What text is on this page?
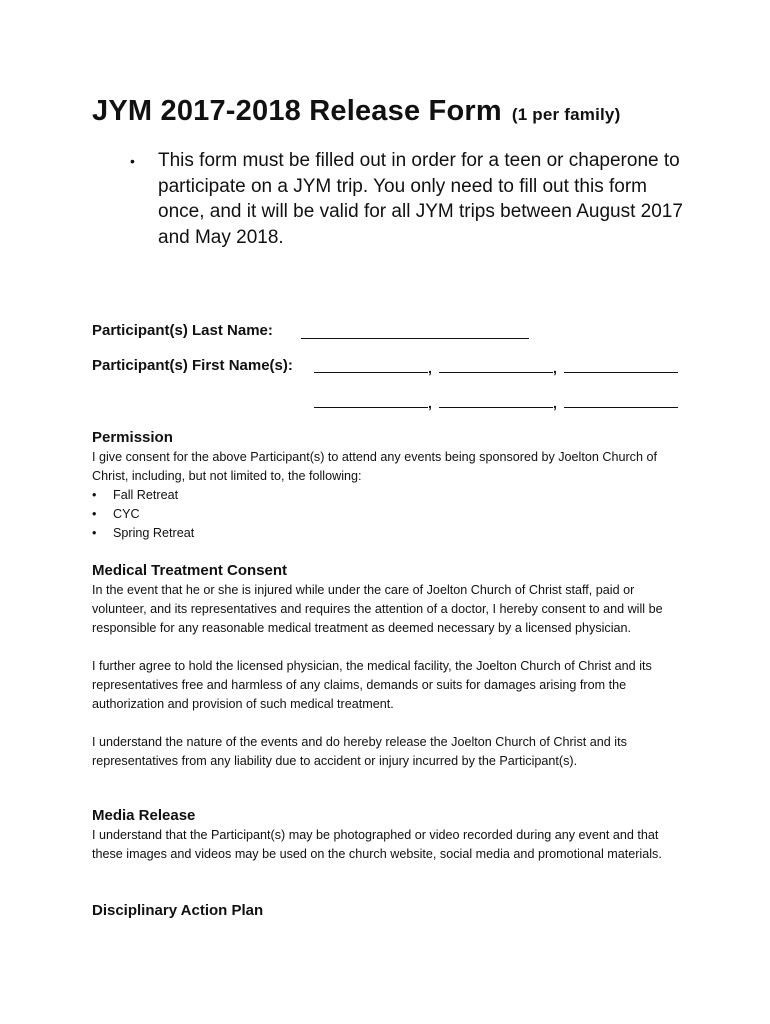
JYM 2017-2018 Release Form (1 per family)
•	This form must be filled out in order for a teen or chaperone to participate on a JYM trip. You only need to fill out this form once, and it will be valid for all JYM trips between August 2017 and May 2018.
Participant(s) Last Name:
Participant(s) First Name(s):	,	,
,	,
Permission

I give consent for the above Participant(s) to attend any events being sponsored by Joelton Church of Christ, including, but not limited to, the following:

• Fall Retreat
• CYC
• Spring Retreat
Medical Treatment Consent

In the event that he or she is injured while under the care of Joelton Church of Christ staff, paid or volunteer, and its representatives and requires the attention of a doctor, I hereby consent to and will be responsible for any reasonable medical treatment as deemed necessary by a licensed physician.

I further agree to hold the licensed physician, the medical facility, the Joelton Church of Christ and its representatives free and harmless of any claims, demands or suits for damages arising from the authorization and provision of such medical treatment.

I understand the nature of the events and do hereby release the Joelton Church of Christ and its representatives from any liability due to accident or injury incurred by the Participant(s).

Media Release

I understand that the Participant(s) may be photographed or video recorded during any event and that these images and videos may be used on the church website, social media and promotional materials.

Disciplinary Action Plan
